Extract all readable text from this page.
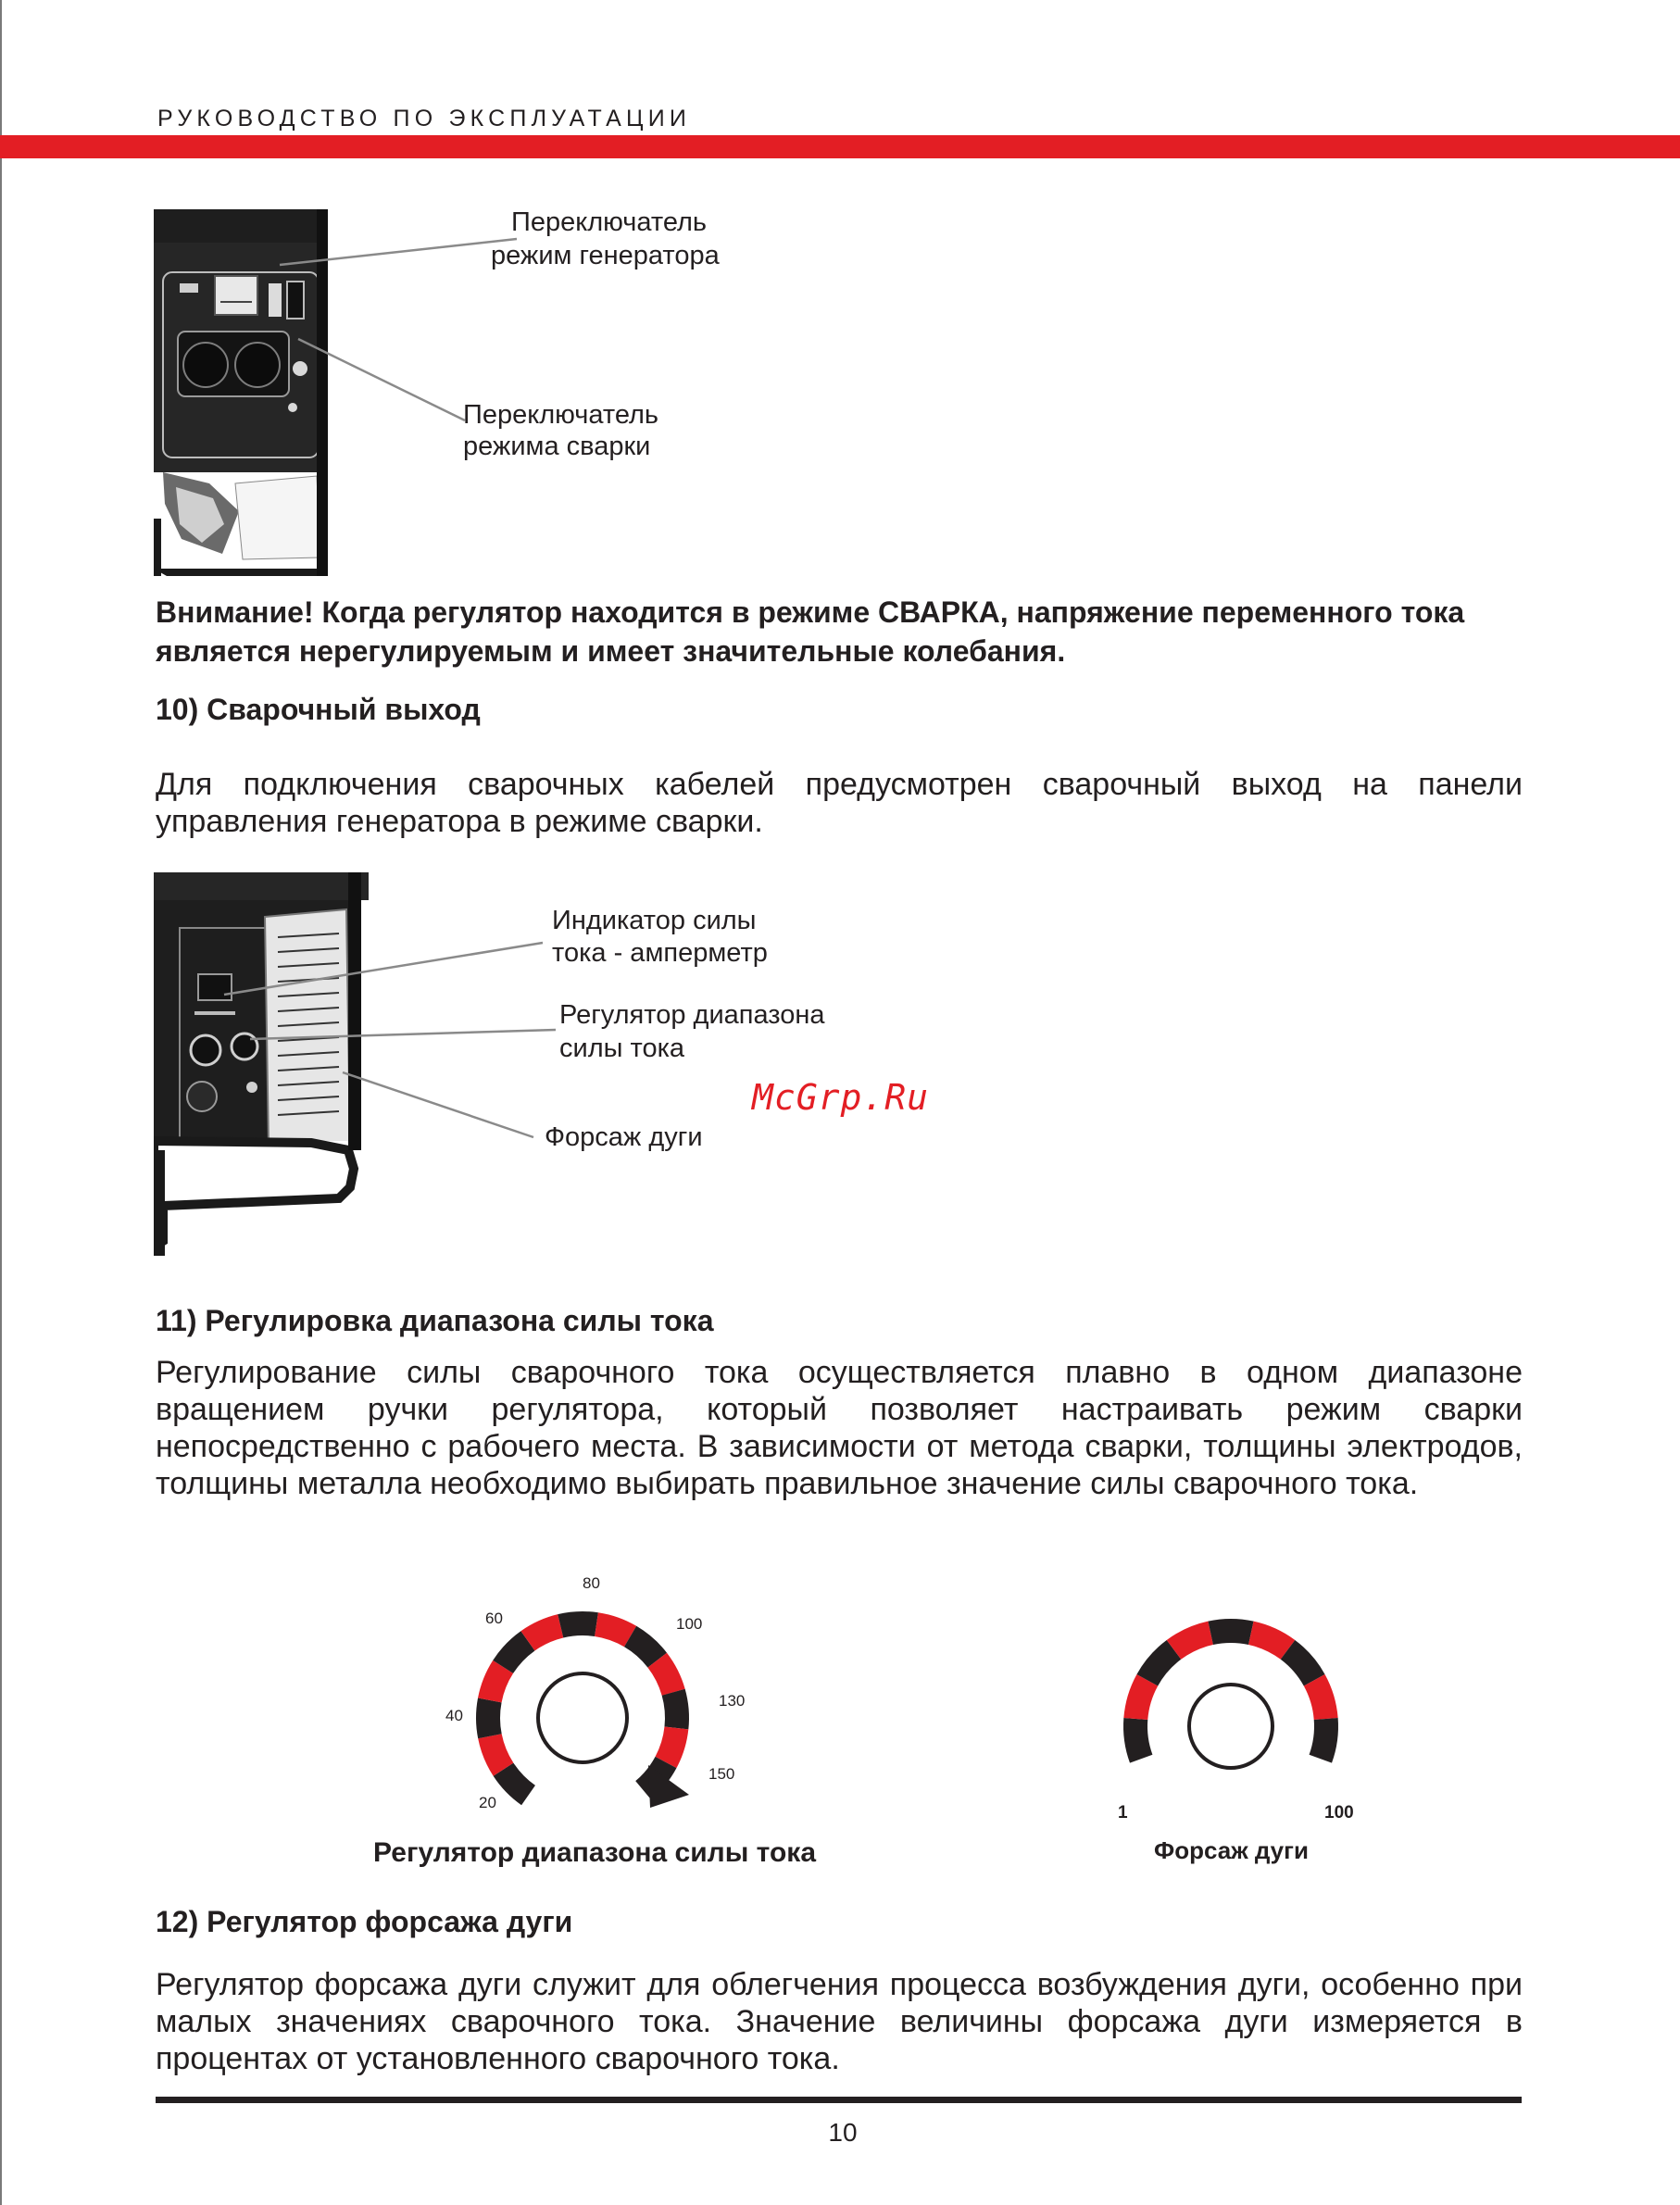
РУКОВОДСТВО ПО ЭКСПЛУАТАЦИИ
Переключатель
режим генератора
Переключатель
режима сварки
Внимание! Когда регулятор находится в режиме СВАРКА, напряжение переменного тока является нерегулируемым и имеет значительные колебания.
10) Сварочный выход
Для подключения сварочных кабелей предусмотрен сварочный выход на панели управления генератора в режиме сварки.
Индикатор силы
тока - амперметр
Регулятор диапазона
силы тока
Форсаж дуги
McGrp.Ru
11) Регулировка диапазона силы тока
Регулирование силы сварочного тока осуществляется плавно в одном диапазоне вращением ручки регулятора, который позволяет настраивать режим сварки непосредственно с рабочего места. В зависимости от метода сварки, толщины электродов, толщины металла необходимо выбирать правильное значение силы сварочного тока.
20
40
60
80
100
130
150
Регулятор диапазона силы тока
1	100
Форсаж дуги
12) Регулятор форсажа дуги
Регулятор форсажа дуги служит для облегчения процесса возбуждения дуги, особенно при малых значениях сварочного тока. Значение величины форсажа дуги измеряется в процентах от установленного сварочного тока.
10
